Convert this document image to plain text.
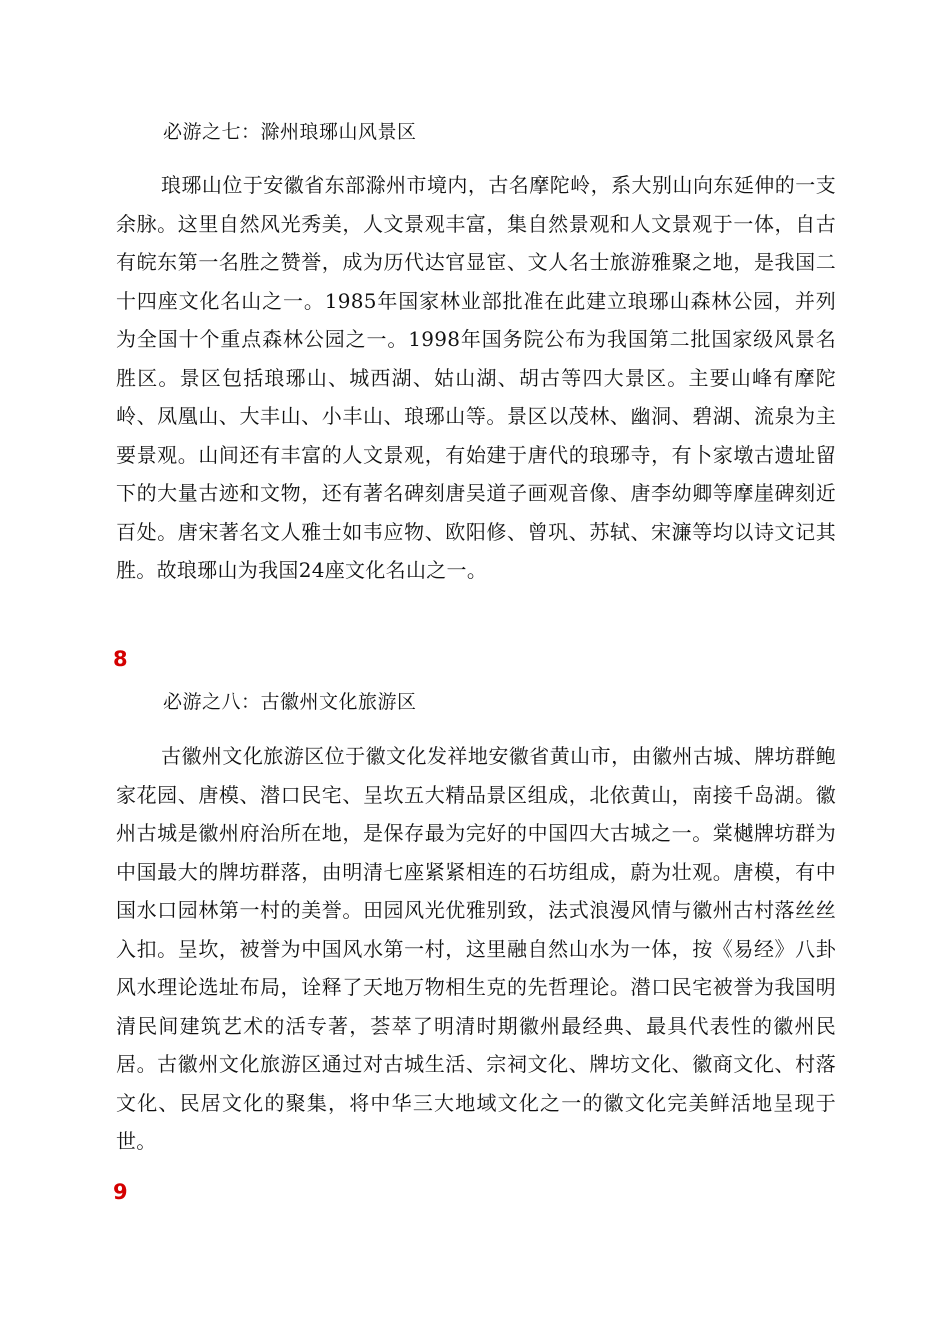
必游之七：滁州琅琊山风景区
琅琊山位于安徽省东部滁州市境内，古名摩陀岭，系大别山向东延伸的一支余脉。这里自然风光秀美，人文景观丰富，集自然景观和人文景观于一体，自古有皖东第一名胜之赞誉，成为历代达官显宦、文人名士旅游雅聚之地，是我国二十四座文化名山之一。1985年国家林业部批准在此建立琅琊山森林公园，并列为全国十个重点森林公园之一。1998年国务院公布为我国第二批国家级风景名胜区。景区包括琅琊山、城西湖、姑山湖、胡古等四大景区。主要山峰有摩陀岭、凤凰山、大丰山、小丰山、琅琊山等。景区以茂林、幽洞、碧湖、流泉为主要景观。山间还有丰富的人文景观，有始建于唐代的琅琊寺，有卜家墩古遗址留下的大量古迹和文物，还有著名碑刻唐吴道子画观音像、唐李幼卿等摩崖碑刻近百处。唐宋著名文人雅士如韦应物、欧阳修、曾巩、苏轼、宋濂等均以诗文记其胜。故琅琊山为我国24座文化名山之一。
8
必游之八：古徽州文化旅游区
古徽州文化旅游区位于徽文化发祥地安徽省黄山市，由徽州古城、牌坊群鲍家花园、唐模、潜口民宅、呈坎五大精品景区组成，北依黄山，南接千岛湖。徽州古城是徽州府治所在地，是保存最为完好的中国四大古城之一。棠樾牌坊群为中国最大的牌坊群落，由明清七座紧紧相连的石坊组成，蔚为壮观。唐模，有中国水口园林第一村的美誉。田园风光优雅别致，法式浪漫风情与徽州古村落丝丝入扣。呈坎，被誉为中国风水第一村，这里融自然山水为一体，按《易经》八卦风水理论选址布局，诠释了天地万物相生克的先哲理论。潜口民宅被誉为我国明清民间建筑艺术的活专著，荟萃了明清时期徽州最经典、最具代表性的徽州民居。古徽州文化旅游区通过对古城生活、宗祠文化、牌坊文化、徽商文化、村落文化、民居文化的聚集，将中华三大地域文化之一的徽文化完美鲜活地呈现于世。
9
